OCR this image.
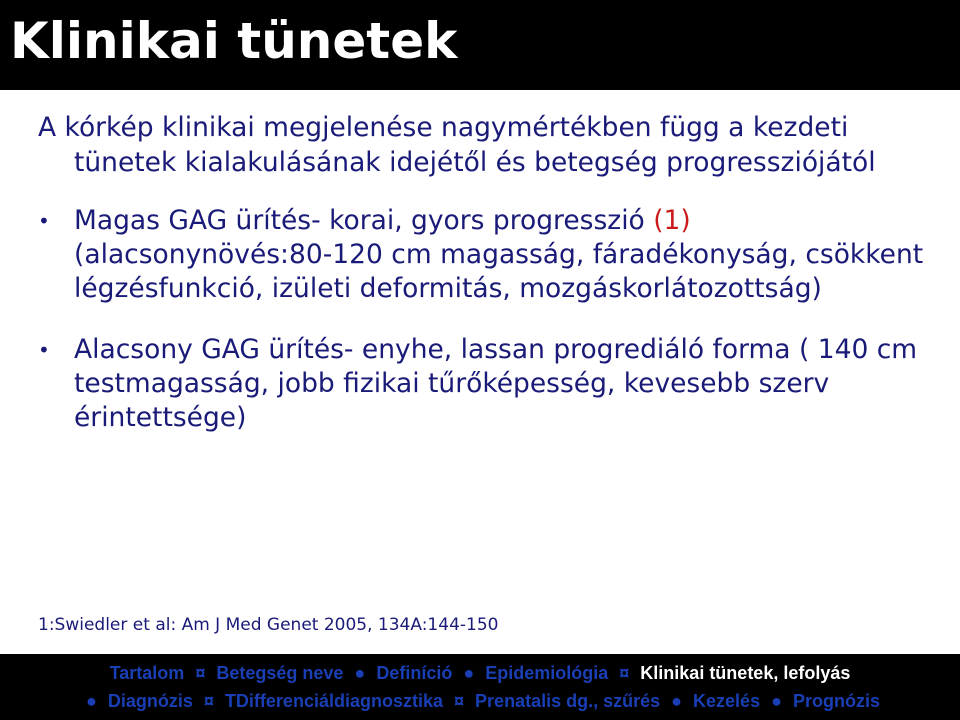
Klinikai tünetek

A kórkép klinikai megjelenése nagymértékben függ a kezdeti tünetek kialakulásának idejétől és betegség progressziójától

• Magas GAG ürítés- korai, gyors progresszió (1) (alacsonynövés:80-120 cm magasság, fáradékonyság, csökkent légzésfunkció, izületi deformitás, mozgáskorlátozottság)
• Alacsony GAG ürítés- enyhe, lassan progrediáló forma ( 140 cm testmagasság, jobb fizikai tűrőképesség, kevesebb szerv érintettsége)

1:Swiedler et al: Am J Med Genet 2005, 134A:144-150

Tartalom ¤ Betegség neve ● Definíció ● Epidemiológia ¤ Klinikai tünetek, lefolyás
● Diagnózis ¤ TDifferenciáldiagnosztika ¤ Prenatalis dg., szűrés ● Kezelés ● Prognózis
